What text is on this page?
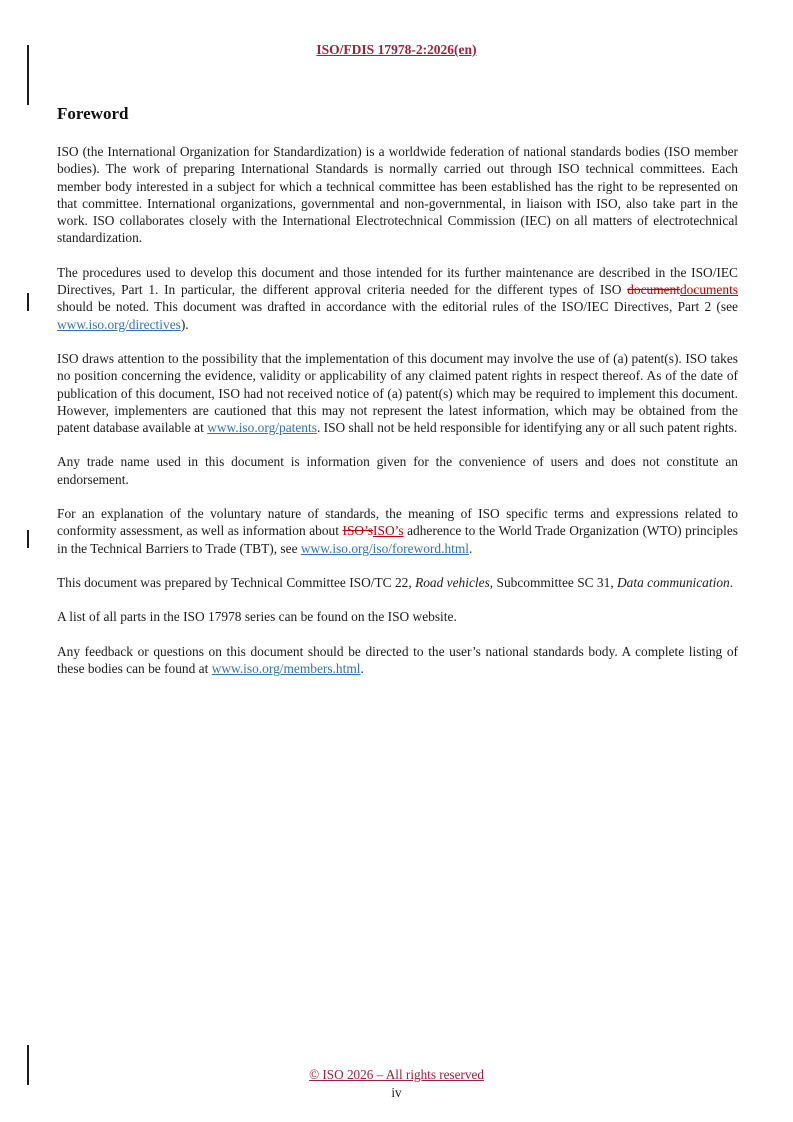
ISO/FDIS 17978-2:2026(en)
Foreword

ISO (the International Organization for Standardization) is a worldwide federation of national standards bodies (ISO member bodies). The work of preparing International Standards is normally carried out through ISO technical committees. Each member body interested in a subject for which a technical committee has been established has the right to be represented on that committee. International organizations, governmental and non-governmental, in liaison with ISO, also take part in the work. ISO collaborates closely with the International Electrotechnical Commission (IEC) on all matters of electrotechnical standardization.

The procedures used to develop this document and those intended for its further maintenance are described in the ISO/IEC Directives, Part 1. In particular, the different approval criteria needed for the different types of ISO documentdocuments should be noted. This document was drafted in accordance with the editorial rules of the ISO/IEC Directives, Part 2 (see www.iso.org/directives).

ISO draws attention to the possibility that the implementation of this document may involve the use of (a) patent(s). ISO takes no position concerning the evidence, validity or applicability of any claimed patent rights in respect thereof. As of the date of publication of this document, ISO had not received notice of (a) patent(s) which may be required to implement this document. However, implementers are cautioned that this may not represent the latest information, which may be obtained from the patent database available at www.iso.org/patents. ISO shall not be held responsible for identifying any or all such patent rights.

Any trade name used in this document is information given for the convenience of users and does not constitute an endorsement.

For an explanation of the voluntary nature of standards, the meaning of ISO specific terms and expressions related to conformity assessment, as well as information about ISO’sISO’s adherence to the World Trade Organization (WTO) principles in the Technical Barriers to Trade (TBT), see www.iso.org/iso/foreword.html.

This document was prepared by Technical Committee ISO/TC 22, Road vehicles, Subcommittee SC 31, Data communication.

A list of all parts in the ISO 17978 series can be found on the ISO website.

Any feedback or questions on this document should be directed to the user’s national standards body. A complete listing of these bodies can be found at www.iso.org/members.html.

© ISO 2026 – All rights reserved
iv
